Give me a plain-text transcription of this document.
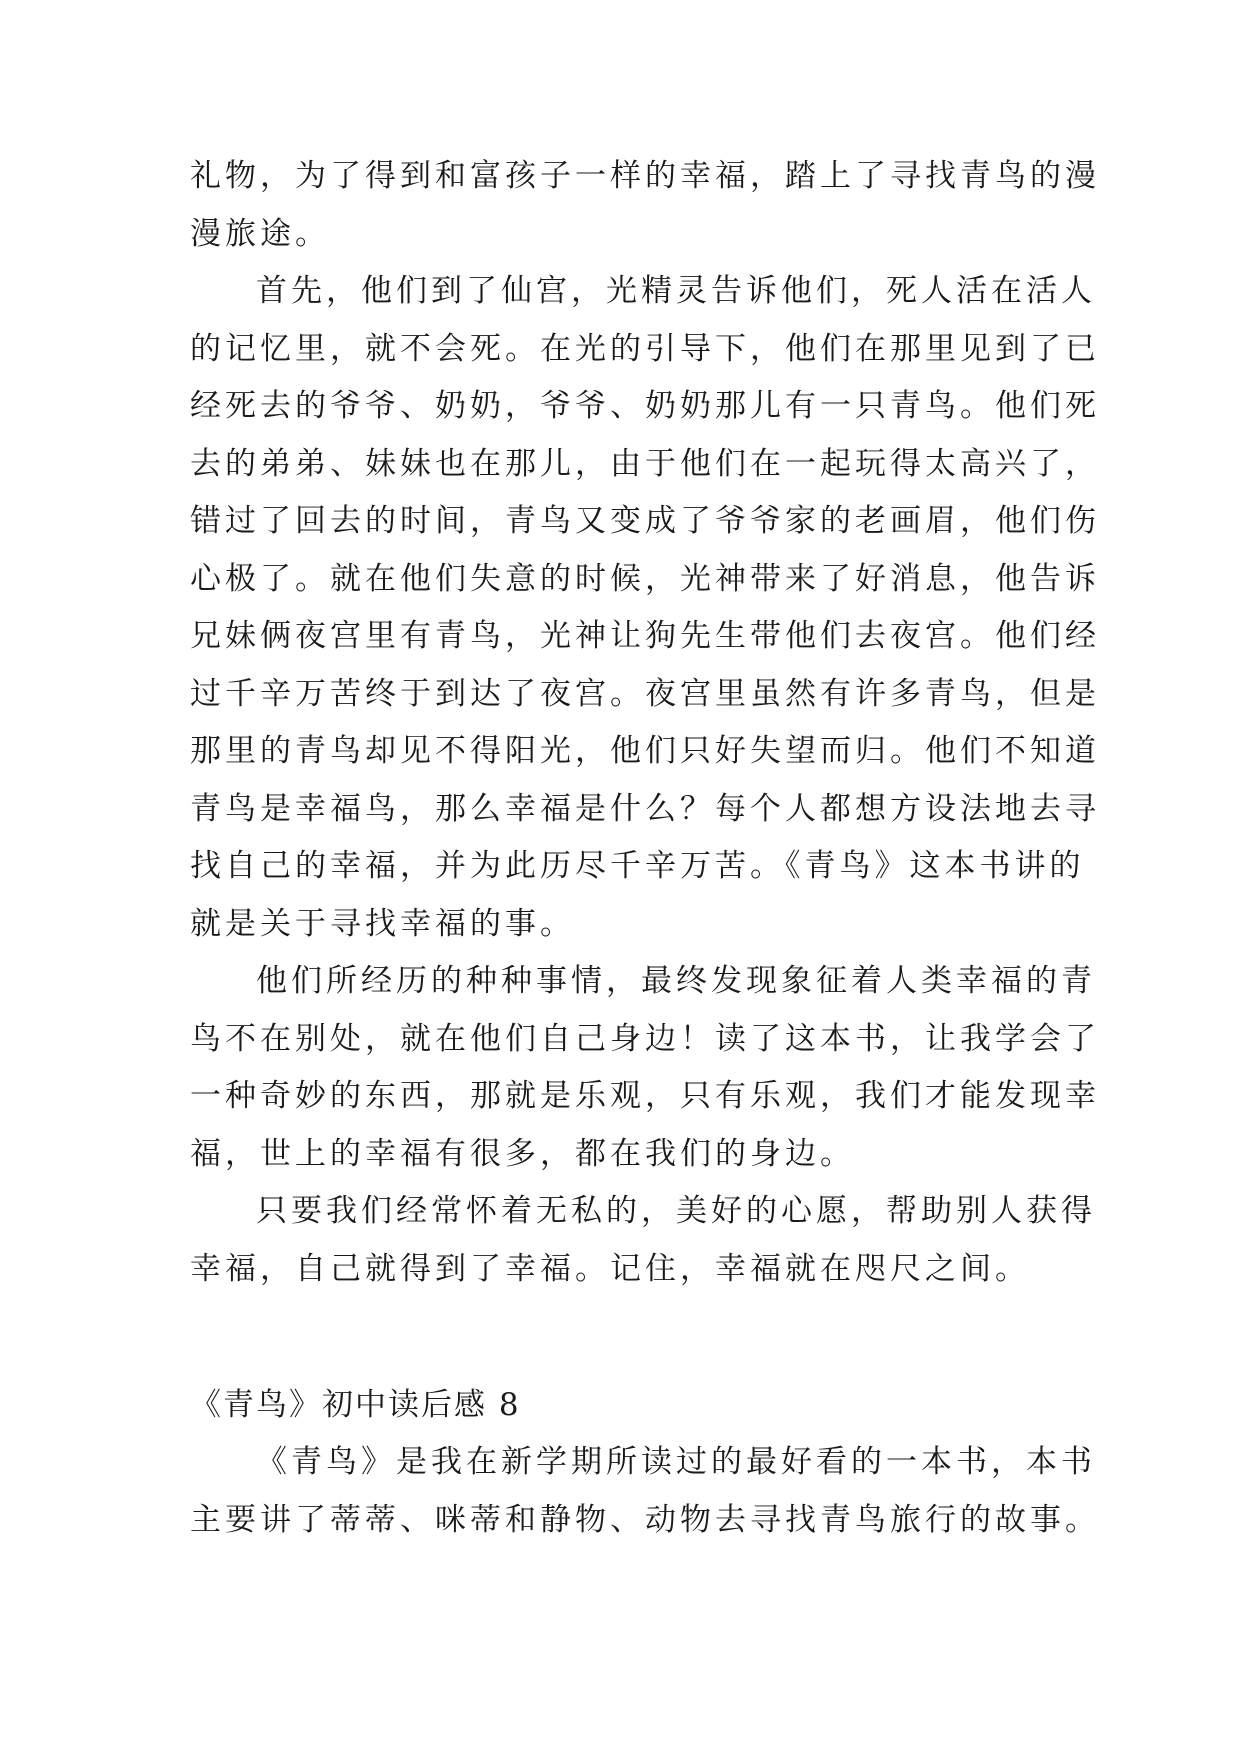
礼物，为了得到和富孩子一样的幸福，踏上了寻找青鸟的漫
漫旅途。

首先，他们到了仙宫，光精灵告诉他们，死人活在活人
的记忆里，就不会死。在光的引导下，他们在那里见到了已
经死去的爷爷、奶奶，爷爷、奶奶那儿有一只青鸟。他们死
去的弟弟、妹妹也在那儿，由于他们在一起玩得太高兴了，
错过了回去的时间，青鸟又变成了爷爷家的老画眉，他们伤
心极了。就在他们失意的时候，光神带来了好消息，他告诉
兄妹俩夜宫里有青鸟，光神让狗先生带他们去夜宫。他们经
过千辛万苦终于到达了夜宫。夜宫里虽然有许多青鸟，但是
那里的青鸟却见不得阳光，他们只好失望而归。他们不知道
青鸟是幸福鸟，那么幸福是什么？每个人都想方设法地去寻
找自己的幸福，并为此历尽千辛万苦。《青鸟》这本书讲的
就是关于寻找幸福的事。

他们所经历的种种事情，最终发现象征着人类幸福的青
鸟不在别处，就在他们自己身边！读了这本书，让我学会了
一种奇妙的东西，那就是乐观，只有乐观，我们才能发现幸
福，世上的幸福有很多，都在我们的身边。

只要我们经常怀着无私的，美好的心愿，帮助别人获得
幸福，自己就得到了幸福。记住，幸福就在咫尺之间。

《青鸟》初中读后感 8

《青鸟》是我在新学期所读过的最好看的一本书，本书
主要讲了蒂蒂、咪蒂和静物、动物去寻找青鸟旅行的故事。
